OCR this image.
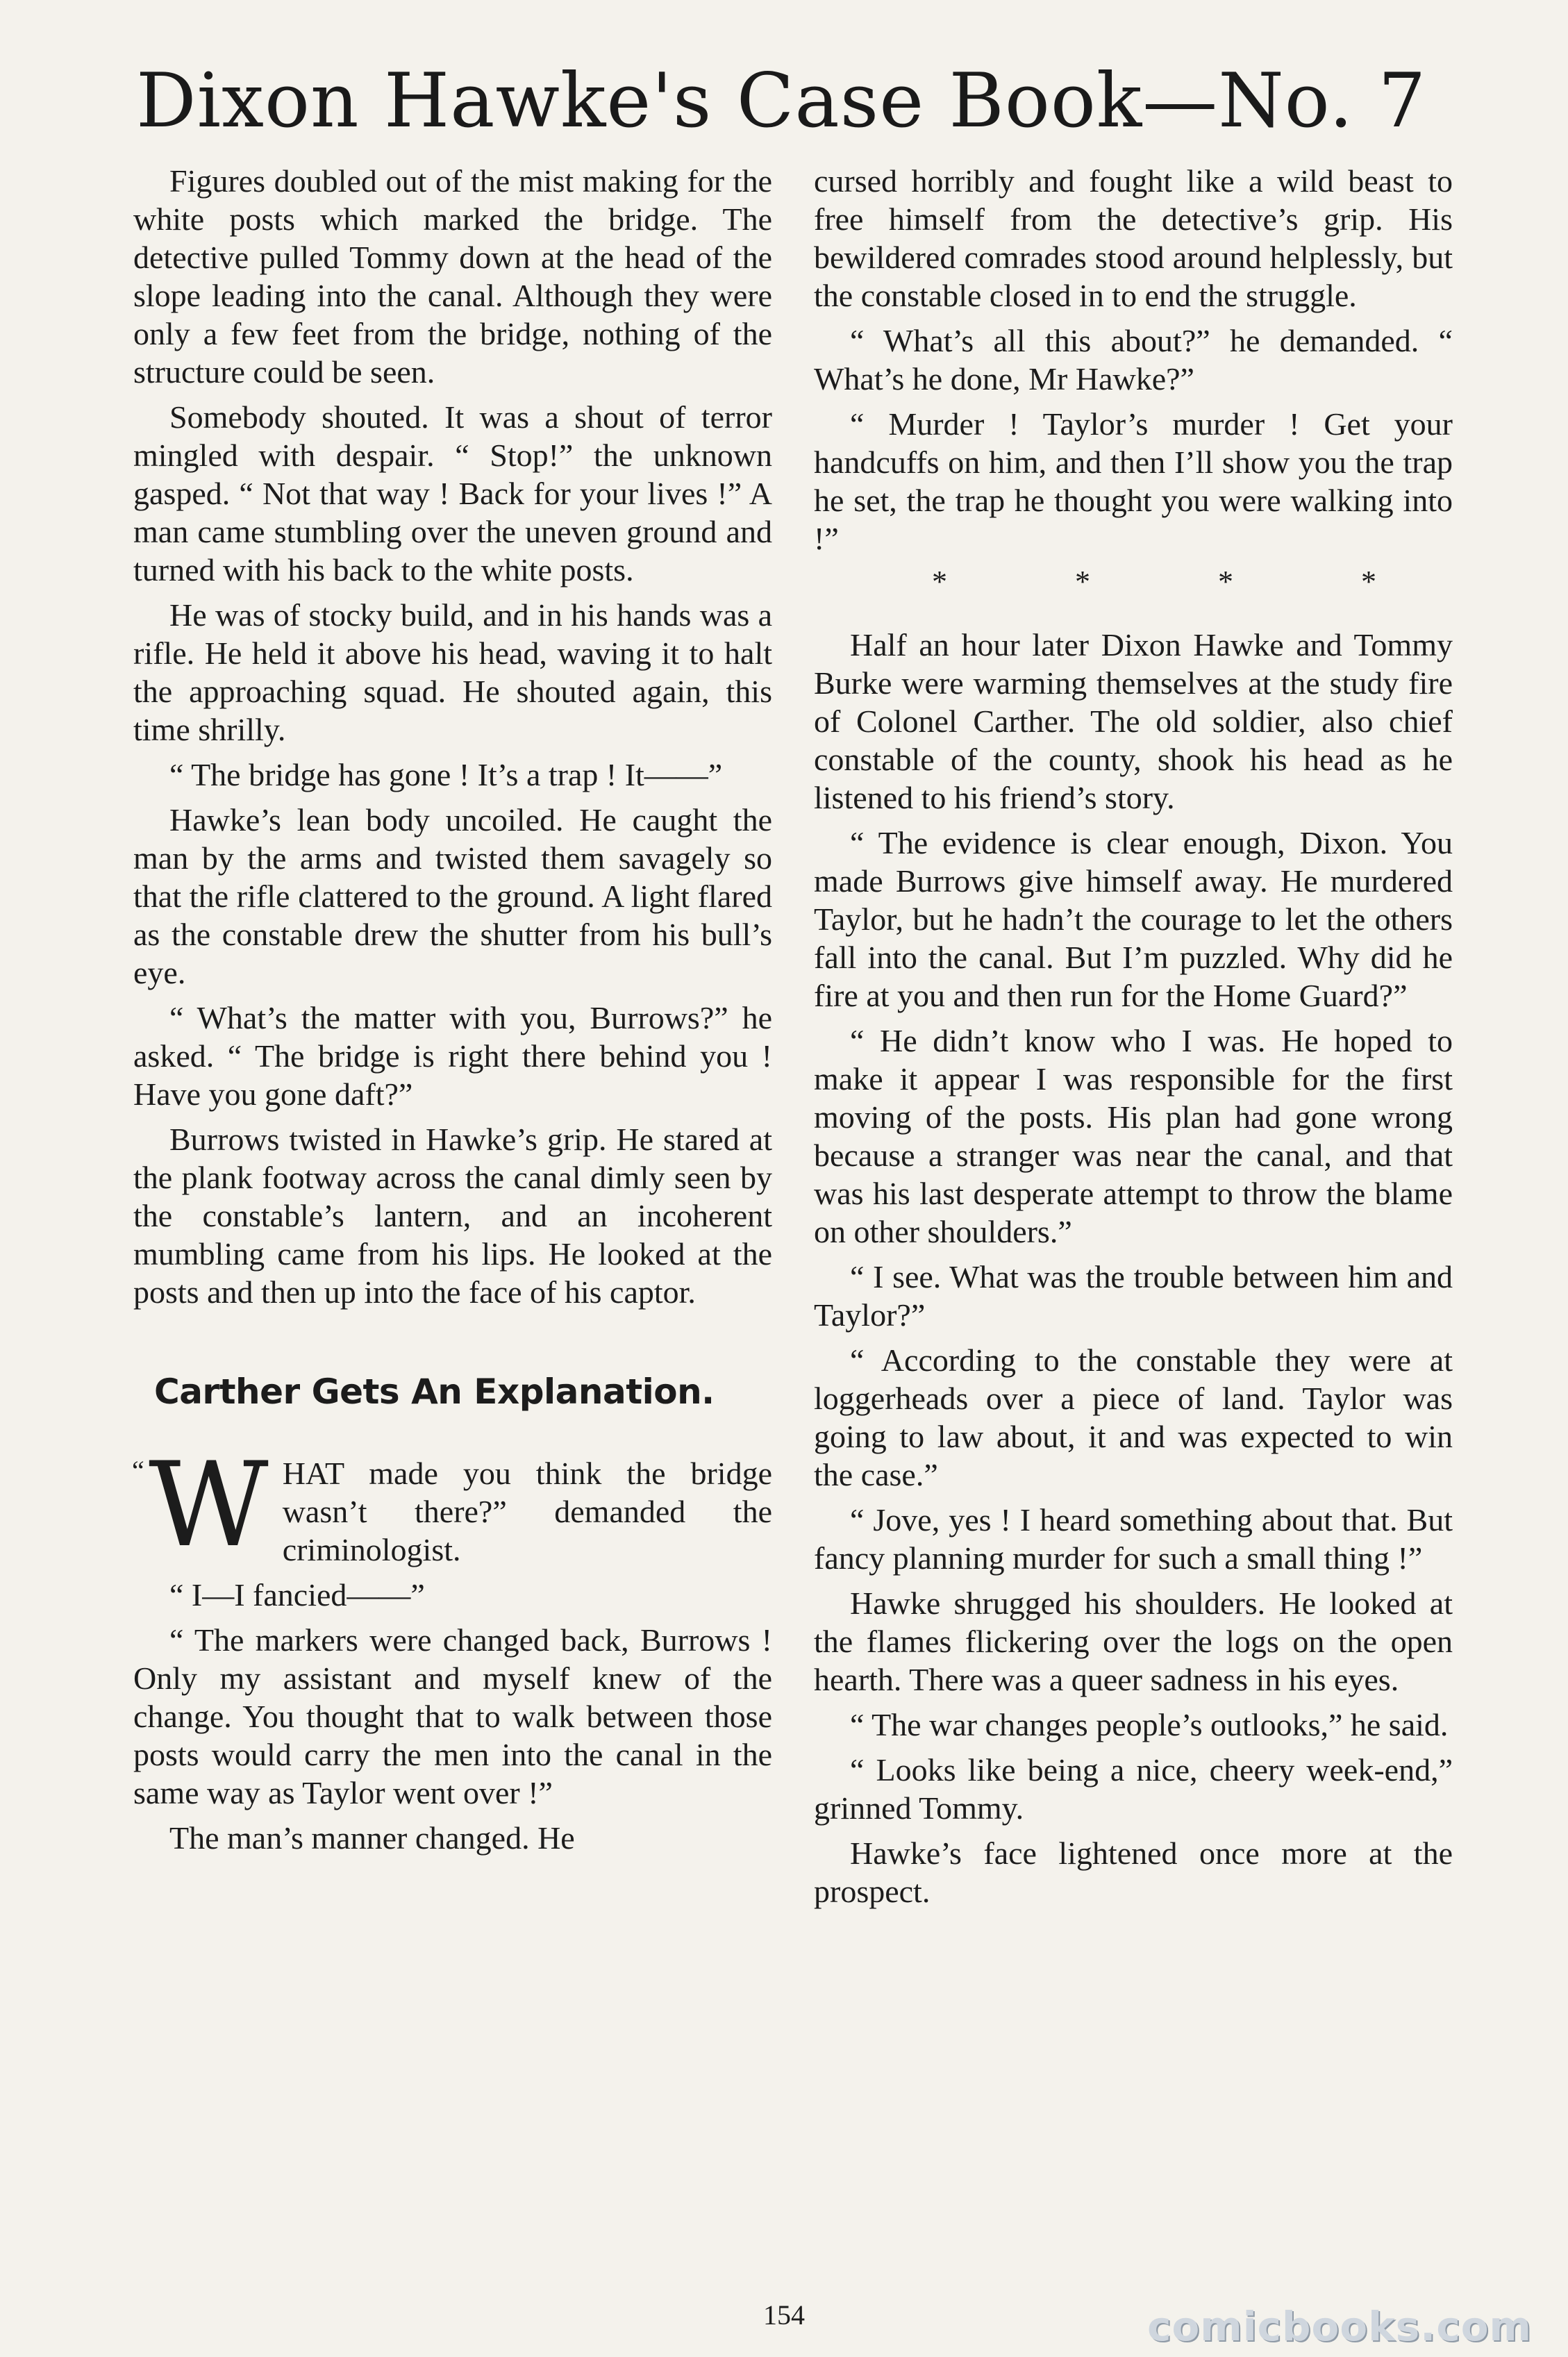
Dixon Hawke's Case Book—No. 7

Figures doubled out of the mist making for the white posts which marked the bridge. The detective pulled Tommy down at the head of the slope leading into the canal. Although they were only a few feet from the bridge, nothing of the structure could be seen.

Somebody shouted. It was a shout of terror mingled with despair. “ Stop!” the unknown gasped. “ Not that way ! Back for your lives !” A man came stumbling over the uneven ground and turned with his back to the white posts.

He was of stocky build, and in his hands was a rifle. He held it above his head, waving it to halt the approaching squad. He shouted again, this time shrilly.

“ The bridge has gone ! It’s a trap ! It——”

Hawke’s lean body uncoiled. He caught the man by the arms and twisted them savagely so that the rifle clattered to the ground. A light flared as the constable drew the shutter from his bull’s eye.

“ What’s the matter with you, Burrows?” he asked. “ The bridge is right there behind you ! Have you gone daft?”

Burrows twisted in Hawke’s grip. He stared at the plank footway across the canal dimly seen by the constable’s lantern, and an incoherent mumbling came from his lips. He looked at the posts and then up into the face of his captor.

Carther Gets An Explanation.
“ W HAT made you think the bridge wasn’t there?” demanded the criminologist.

“ I—I fancied——”

“ The markers were changed back, Burrows ! Only my assistant and myself knew of the change. You thought that to walk between those posts would carry the men into the canal in the same way as Taylor went over !”

The man’s manner changed. He

cursed horribly and fought like a wild beast to free himself from the detective’s grip. His bewildered comrades stood around helplessly, but the constable closed in to end the struggle.

“ What’s all this about?” he demanded. “ What’s he done, Mr Hawke?”

“ Murder ! Taylor’s murder ! Get your handcuffs on him, and then I’ll show you the trap he set, the trap he thought you were walking into !”

*	*	*	*

Half an hour later Dixon Hawke and Tommy Burke were warming themselves at the study fire of Colonel Carther. The old soldier, also chief constable of the county, shook his head as he listened to his friend’s story.

“ The evidence is clear enough, Dixon. You made Burrows give himself away. He murdered Taylor, but he hadn’t the courage to let the others fall into the canal. But I’m puzzled. Why did he fire at you and then run for the Home Guard?”

“ He didn’t know who I was. He hoped to make it appear I was responsible for the first moving of the posts. His plan had gone wrong because a stranger was near the canal, and that was his last desperate attempt to throw the blame on other shoulders.”

“ I see. What was the trouble between him and Taylor?”

“ According to the constable they were at loggerheads over a piece of land. Taylor was going to law about, it and was expected to win the case.”

“ Jove, yes ! I heard something about that. But fancy planning murder for such a small thing !”

Hawke shrugged his shoulders. He looked at the flames flickering over the logs on the open hearth. There was a queer sadness in his eyes.

“ The war changes people’s outlooks,” he said.

“ Looks like being a nice, cheery week-end,” grinned Tommy.

Hawke’s face lightened once more at the prospect.

154	comicbooks.com
